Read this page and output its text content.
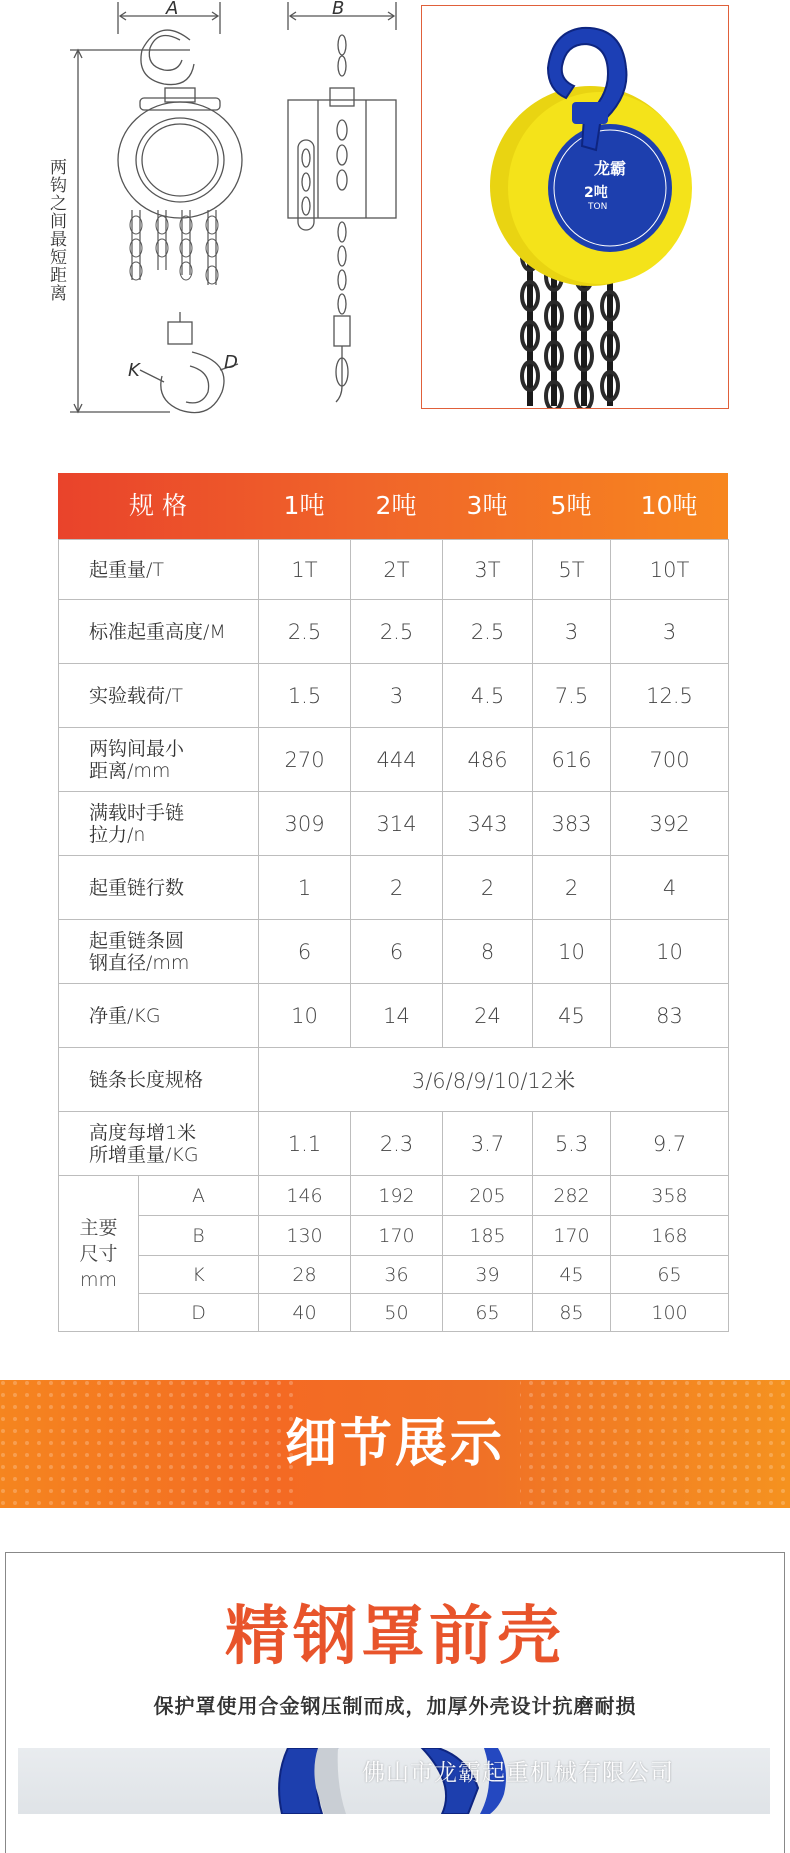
A
K	D
两钩之间最短距离
B
龙霸
2吨
TON
规 格	1吨	2吨	3吨	5吨	10吨
起重量/T		1T	2T	3T	5T	10T
标准起重高度/M		2.5	2.5	2.5	3	3
实验载荷/T		1.5	3	4.5	7.5	12.5
两钩间最小
距离/mm		270	444	486	616	700
满载时手链
拉力/n		309	314	343	383	392
起重链行数		1	2	2	2	4
起重链条圆
钢直径/mm		6	6	8	10	10
净重/KG		10	14	24	45	83
链条长度规格		3/6/8/9/10/12米				
高度每增1米
所增重量/KG		1.1	2.3	3.7	5.3	9.7
主要
尺寸
mm	A	146	192	205	282	358
	B	130	170	185	170	168
	K	28	36	39	45	65
	D	40	50	65	85	100
细节展示
精钢罩前壳
保护罩使用合金钢压制而成，加厚外壳设计抗磨耐损
佛山市龙霸起重机械有限公司
